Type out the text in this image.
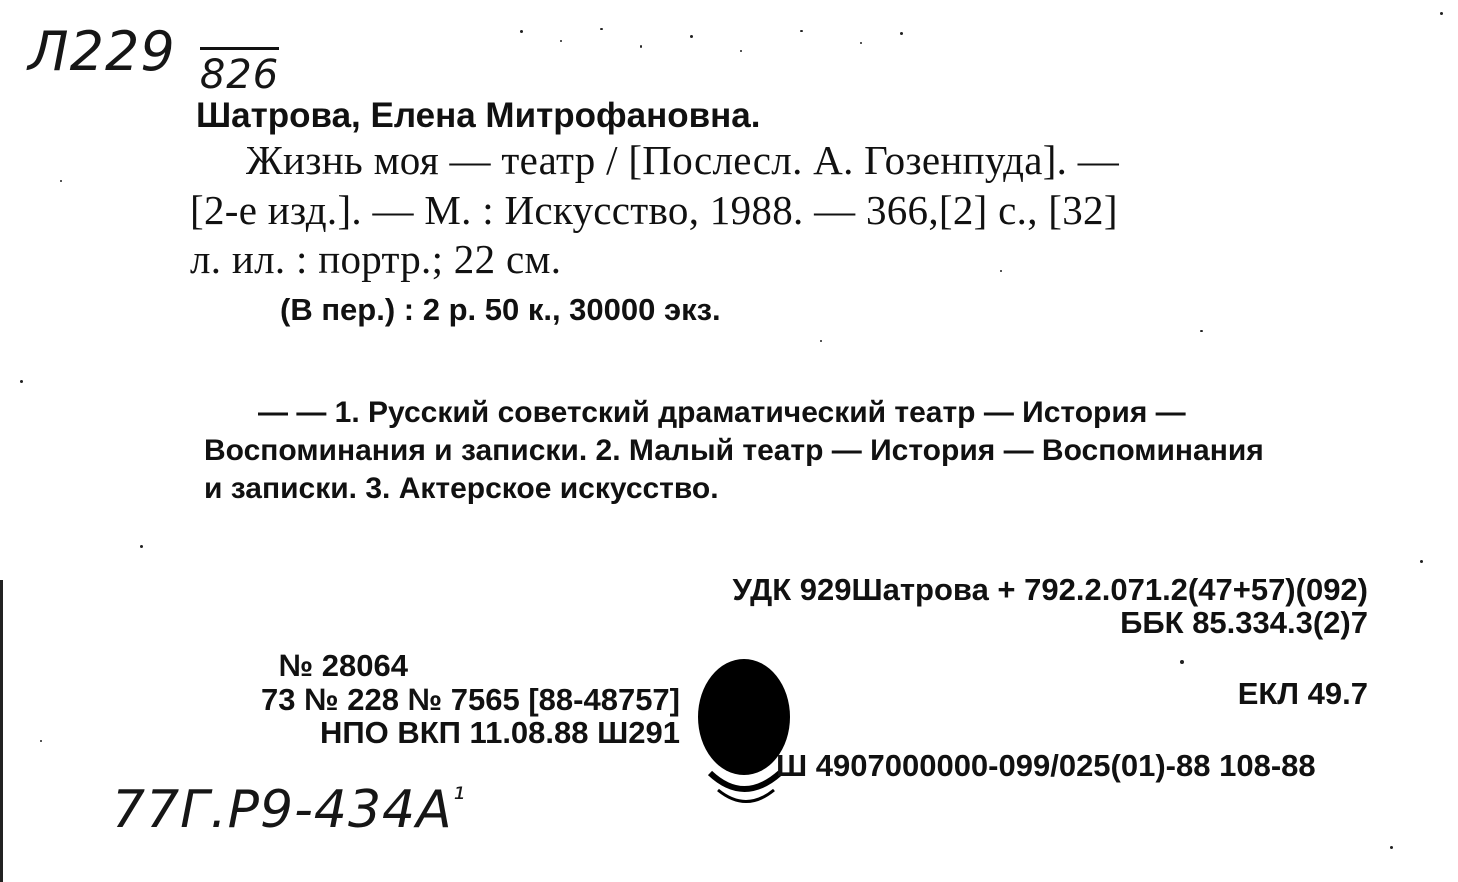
Л229 826
Шатрова, Елена Митрофановна.
Жизнь моя — театр / [Послесл. А. Гозенпуда]. —
[2-е изд.]. — М. : Искусство, 1988. — 366,[2] с., [32]
л. ил. : портр.; 22 см.
(В пер.) : 2 р. 50 к., 30000 экз.
— — 1. Русский советский драматический театр — История —
Воспоминания и записки. 2. Малый театр — История — Воспоминания
и записки. 3. Актерское искусство.
УДК 929Шатрова + 792.2.071.2(47+57)(092)
ББК 85.334.3(2)7
№ 28064
73 № 228 № 7565 [88-48757]
НПО ВКП 11.08.88 Ш291
ЕКЛ 49.7
Ш 4907000000-099/025(01)-88 108-88
$77Г.Р9-434А^{^1}$
